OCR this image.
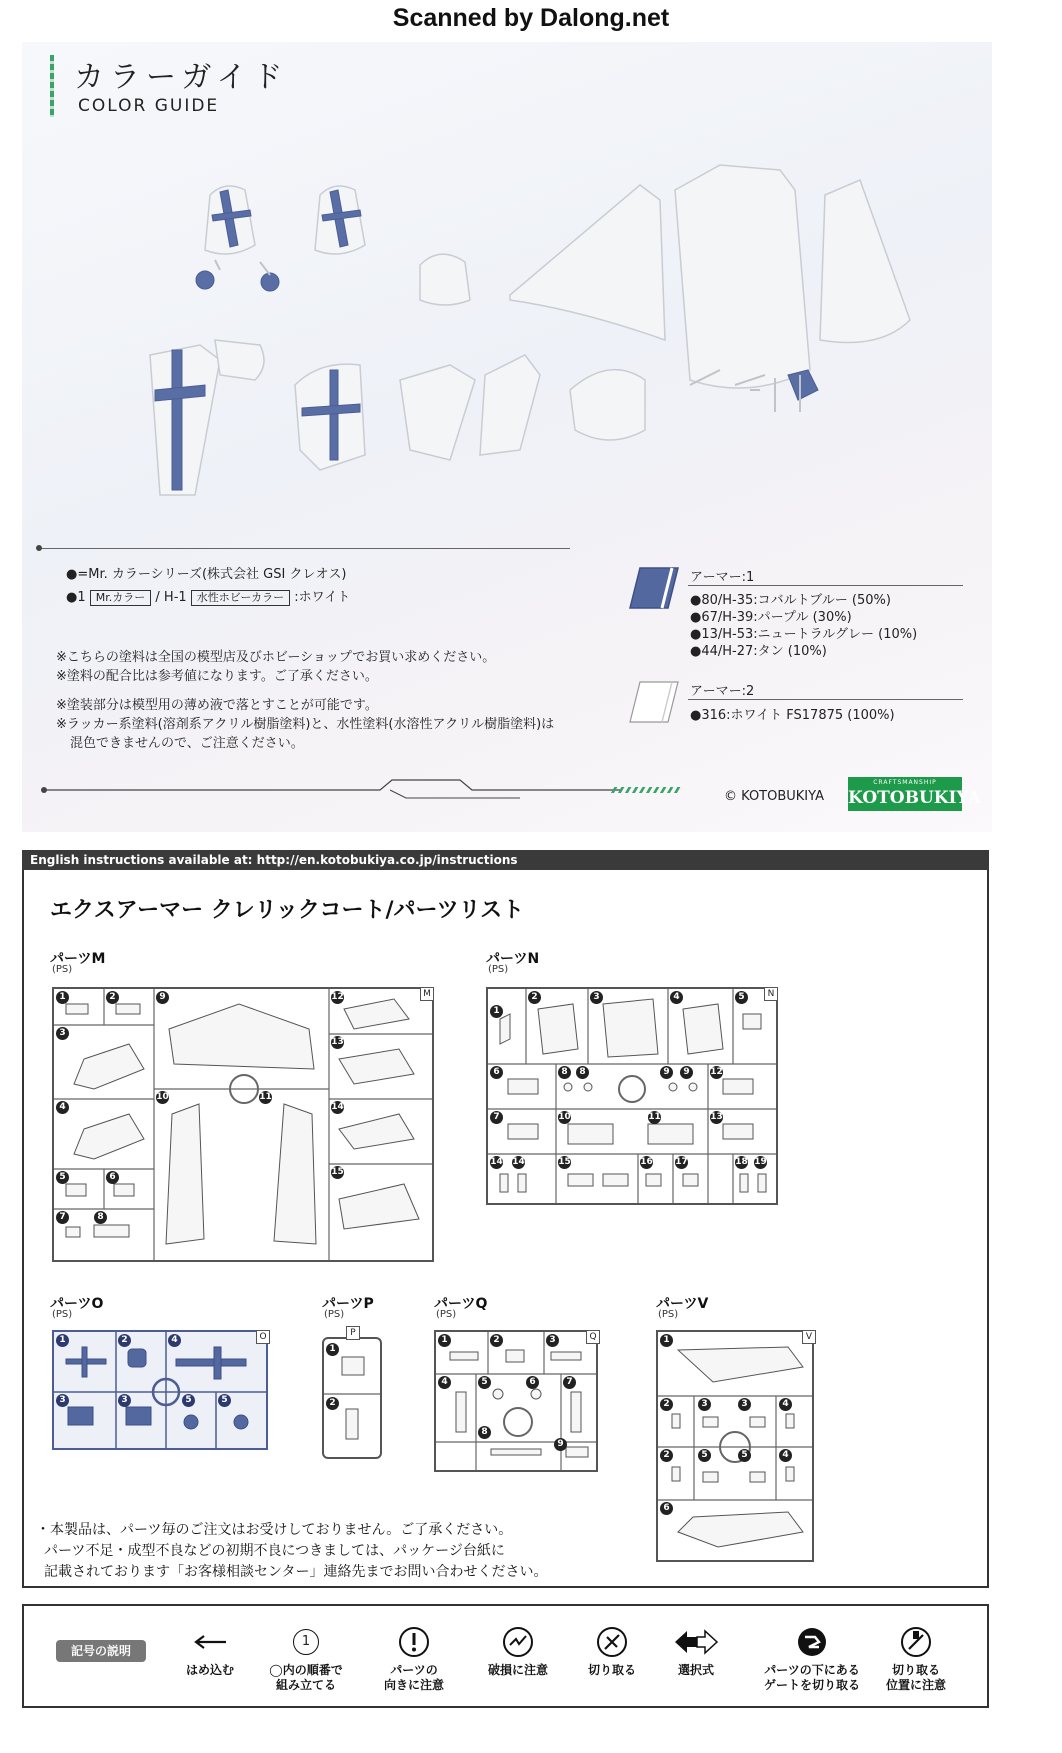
Scanned by Dalong.net
カラーガイド
COLOR GUIDE
●=Mr. カラーシリーズ(株式会社 GSI クレオス)
●1 Mr.カラー / H-1 水性ホビーカラー :ホワイト
※こちらの塗料は全国の模型店及びホビーショップでお買い求めください。
※塗料の配合比は参考値になります。ご了承ください。
※塗装部分は模型用の薄め液で落とすことが可能です。
※ラッカー系塗料(溶剤系アクリル樹脂塗料)と、水性塗料(水溶性アクリル樹脂塗料)は
混色できませんので、ご注意ください。
アーマー:1
●80/H-35:コバルトブルー (50%)
●67/H-39:パープル (30%)
●13/H-53:ニュートラルグレー (10%)
●44/H-27:タン (10%)
アーマー:2
●316:ホワイト FS17875 (100%)
© KOTOBUKIYA
CRAFTSMANSHIP
KOTOBUKIYA
English instructions available at: http://en.kotobukiya.co.jp/instructions
エクスアーマー クレリックコート/パーツリスト
パーツM
(PS)
1	2	9	12
3
13
4
10	11
14
5	6	15
7	8
M
パーツN
(PS)
1
2	3	4	5
6	8	8	9	9	12
7	10	11	13
14 14	15	16 17	18 19
N
パーツO
(PS)
1	2	4
3	3	5	5
O
パーツP
(PS)
1
2
P
パーツQ
(PS)
1	2	3
4	5	6	7
8
9
Q
パーツV
(PS)
1
2	3	3	4
2	5	5	4
6
V
・本製品は、パーツ毎のご注文はお受けしておりません。ご了承ください。
パーツ不足・成型不良などの初期不良につきましては、パッケージ台紙に
記載されております「お客様相談センター」連絡先までお問い合わせください。
記号の説明
はめ込む
1
◯内の順番で
組み立てる
パーツの
向きに注意
破損に注意	切り取る	選択式	パーツの下にある
ゲートを切り取る
切り取る
位置に注意
